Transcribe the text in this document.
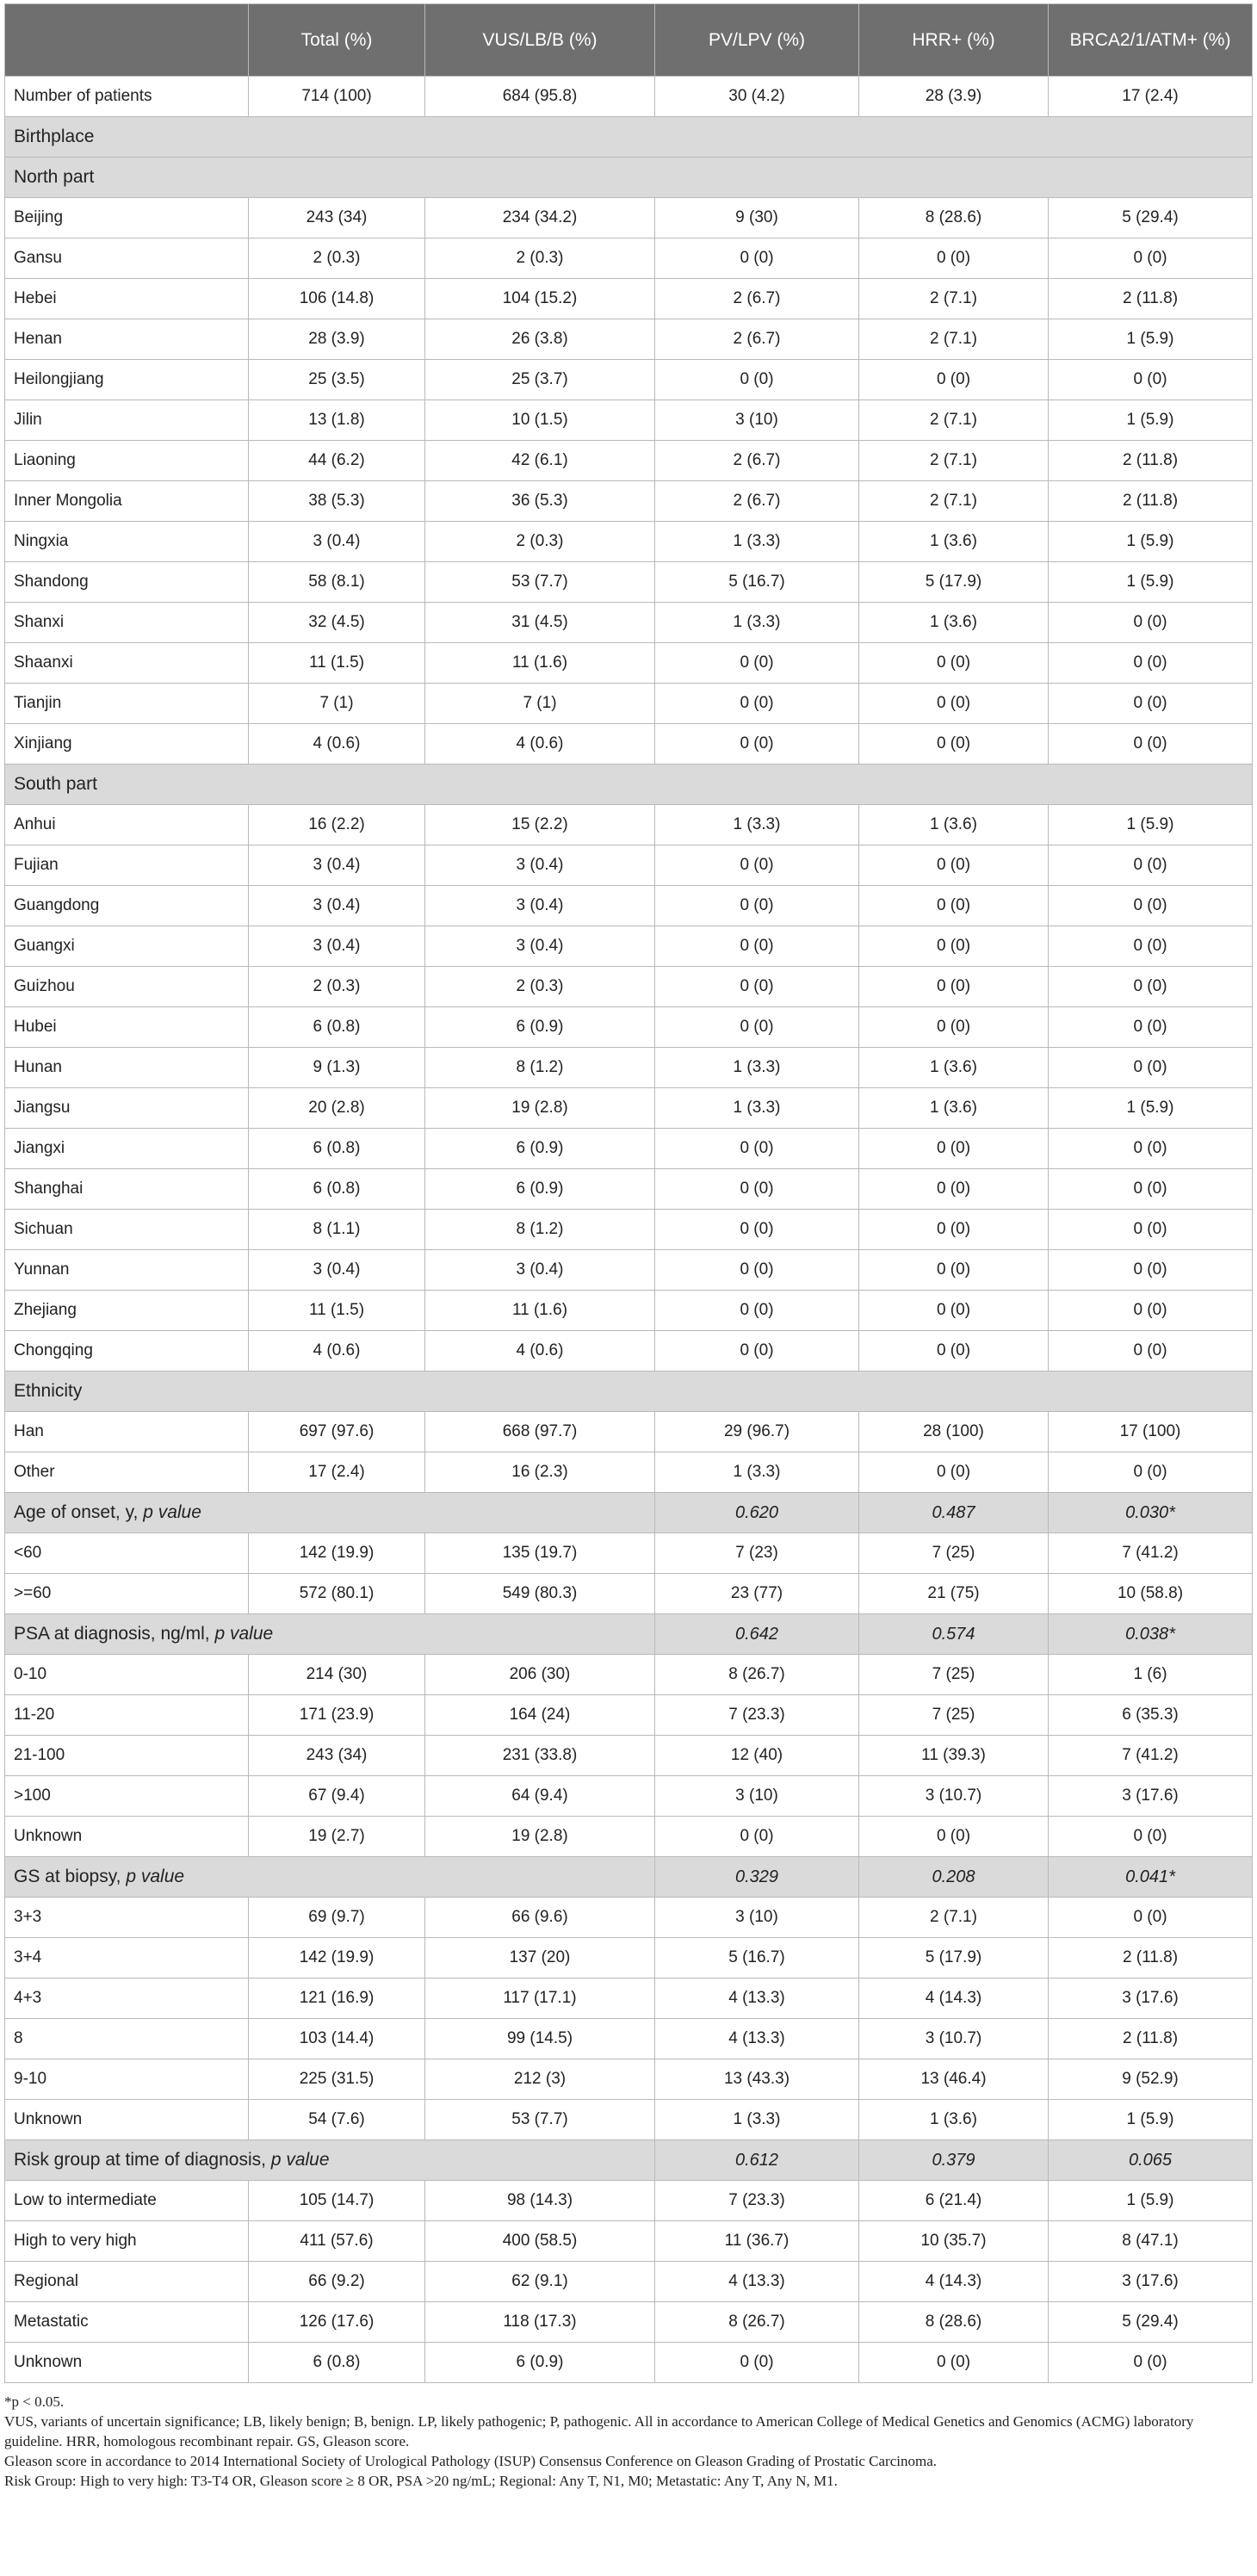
	Total (%)	VUS/LB/B (%)	PV/LPV (%)	HRR+ (%)	BRCA2/1/ATM+ (%)
Number of patients	714 (100)	684 (95.8)	30 (4.2)	28 (3.9)	17 (2.4)
Birthplace					
North part					
Beijing	243 (34)	234 (34.2)	9 (30)	8 (28.6)	5 (29.4)
Gansu	2 (0.3)	2 (0.3)	0 (0)	0 (0)	0 (0)
Hebei	106 (14.8)	104 (15.2)	2 (6.7)	2 (7.1)	2 (11.8)
Henan	28 (3.9)	26 (3.8)	2 (6.7)	2 (7.1)	1 (5.9)
Heilongjiang	25 (3.5)	25 (3.7)	0 (0)	0 (0)	0 (0)
Jilin	13 (1.8)	10 (1.5)	3 (10)	2 (7.1)	1 (5.9)
Liaoning	44 (6.2)	42 (6.1)	2 (6.7)	2 (7.1)	2 (11.8)
Inner Mongolia	38 (5.3)	36 (5.3)	2 (6.7)	2 (7.1)	2 (11.8)
Ningxia	3 (0.4)	2 (0.3)	1 (3.3)	1 (3.6)	1 (5.9)
Shandong	58 (8.1)	53 (7.7)	5 (16.7)	5 (17.9)	1 (5.9)
Shanxi	32 (4.5)	31 (4.5)	1 (3.3)	1 (3.6)	0 (0)
Shaanxi	11 (1.5)	11 (1.6)	0 (0)	0 (0)	0 (0)
Tianjin	7 (1)	7 (1)	0 (0)	0 (0)	0 (0)
Xinjiang	4 (0.6)	4 (0.6)	0 (0)	0 (0)	0 (0)
South part					
Anhui	16 (2.2)	15 (2.2)	1 (3.3)	1 (3.6)	1 (5.9)
Fujian	3 (0.4)	3 (0.4)	0 (0)	0 (0)	0 (0)
Guangdong	3 (0.4)	3 (0.4)	0 (0)	0 (0)	0 (0)
Guangxi	3 (0.4)	3 (0.4)	0 (0)	0 (0)	0 (0)
Guizhou	2 (0.3)	2 (0.3)	0 (0)	0 (0)	0 (0)
Hubei	6 (0.8)	6 (0.9)	0 (0)	0 (0)	0 (0)
Hunan	9 (1.3)	8 (1.2)	1 (3.3)	1 (3.6)	0 (0)
Jiangsu	20 (2.8)	19 (2.8)	1 (3.3)	1 (3.6)	1 (5.9)
Jiangxi	6 (0.8)	6 (0.9)	0 (0)	0 (0)	0 (0)
Shanghai	6 (0.8)	6 (0.9)	0 (0)	0 (0)	0 (0)
Sichuan	8 (1.1)	8 (1.2)	0 (0)	0 (0)	0 (0)
Yunnan	3 (0.4)	3 (0.4)	0 (0)	0 (0)	0 (0)
Zhejiang	11 (1.5)	11 (1.6)	0 (0)	0 (0)	0 (0)
Chongqing	4 (0.6)	4 (0.6)	0 (0)	0 (0)	0 (0)
Ethnicity					
Han	697 (97.6)	668 (97.7)	29 (96.7)	28 (100)	17 (100)
Other	17 (2.4)	16 (2.3)	1 (3.3)	0 (0)	0 (0)
Age of onset, y, p value			0.620	0.487	0.030*
<60	142 (19.9)	135 (19.7)	7 (23)	7 (25)	7 (41.2)
>=60	572 (80.1)	549 (80.3)	23 (77)	21 (75)	10 (58.8)
PSA at diagnosis, ng/ml, p value			0.642	0.574	0.038*
0-10	214 (30)	206 (30)	8 (26.7)	7 (25)	1 (6)
11-20	171 (23.9)	164 (24)	7 (23.3)	7 (25)	6 (35.3)
21-100	243 (34)	231 (33.8)	12 (40)	11 (39.3)	7 (41.2)
>100	67 (9.4)	64 (9.4)	3 (10)	3 (10.7)	3 (17.6)
Unknown	19 (2.7)	19 (2.8)	0 (0)	0 (0)	0 (0)
GS at biopsy, p value			0.329	0.208	0.041*
3+3	69 (9.7)	66 (9.6)	3 (10)	2 (7.1)	0 (0)
3+4	142 (19.9)	137 (20)	5 (16.7)	5 (17.9)	2 (11.8)
4+3	121 (16.9)	117 (17.1)	4 (13.3)	4 (14.3)	3 (17.6)
8	103 (14.4)	99 (14.5)	4 (13.3)	3 (10.7)	2 (11.8)
9-10	225 (31.5)	212 (3)	13 (43.3)	13 (46.4)	9 (52.9)
Unknown	54 (7.6)	53 (7.7)	1 (3.3)	1 (3.6)	1 (5.9)
Risk group at time of diagnosis, p value			0.612	0.379	0.065
Low to intermediate	105 (14.7)	98 (14.3)	7 (23.3)	6 (21.4)	1 (5.9)
High to very high	411 (57.6)	400 (58.5)	11 (36.7)	10 (35.7)	8 (47.1)
Regional	66 (9.2)	62 (9.1)	4 (13.3)	4 (14.3)	3 (17.6)
Metastatic	126 (17.6)	118 (17.3)	8 (26.7)	8 (28.6)	5 (29.4)
Unknown	6 (0.8)	6 (0.9)	0 (0)	0 (0)	0 (0)
*p < 0.05.
VUS, variants of uncertain significance; LB, likely benign; B, benign. LP, likely pathogenic; P, pathogenic. All in accordance to American College of Medical Genetics and Genomics (ACMG) laboratory guideline. HRR, homologous recombinant repair. GS, Gleason score.
Gleason score in accordance to 2014 International Society of Urological Pathology (ISUP) Consensus Conference on Gleason Grading of Prostatic Carcinoma.
Risk Group: High to very high: T3-T4 OR, Gleason score ≥ 8 OR, PSA >20 ng/mL; Regional: Any T, N1, M0; Metastatic: Any T, Any N, M1.
